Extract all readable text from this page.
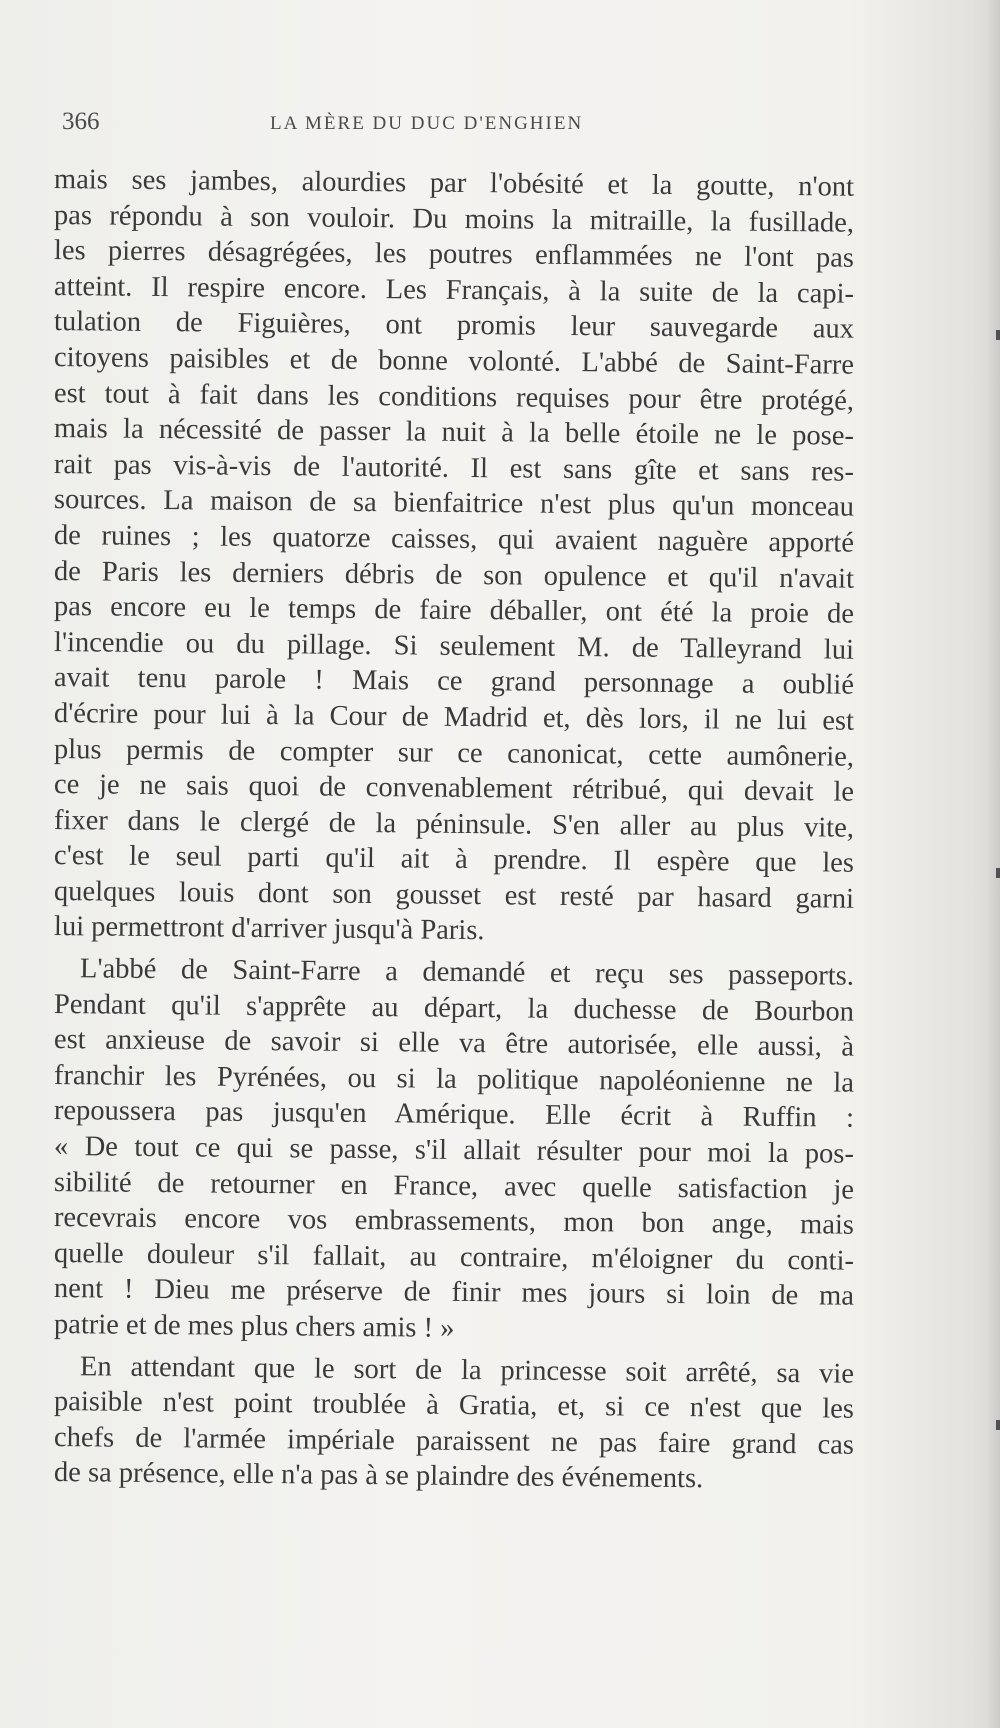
366	LA MÈRE DU DUC D'ENGHIEN
mais ses jambes, alourdies par l'obésité et la goutte, n'ont
pas répondu à son vouloir. Du moins la mitraille, la fusillade,
les pierres désagrégées, les poutres enflammées ne l'ont pas
atteint. Il respire encore. Les Français, à la suite de la capi-
tulation de Figuières, ont promis leur sauvegarde aux
citoyens paisibles et de bonne volonté. L'abbé de Saint-Farre
est tout à fait dans les conditions requises pour être protégé,
mais la nécessité de passer la nuit à la belle étoile ne le pose-
rait pas vis-à-vis de l'autorité. Il est sans gîte et sans res-
sources. La maison de sa bienfaitrice n'est plus qu'un monceau
de ruines ; les quatorze caisses, qui avaient naguère apporté
de Paris les derniers débris de son opulence et qu'il n'avait
pas encore eu le temps de faire déballer, ont été la proie de
l'incendie ou du pillage. Si seulement M. de Talleyrand lui
avait tenu parole ! Mais ce grand personnage a oublié
d'écrire pour lui à la Cour de Madrid et, dès lors, il ne lui est
plus permis de compter sur ce canonicat, cette aumônerie,
ce je ne sais quoi de convenablement rétribué, qui devait le
fixer dans le clergé de la péninsule. S'en aller au plus vite,
c'est le seul parti qu'il ait à prendre. Il espère que les
quelques louis dont son gousset est resté par hasard garni
lui permettront d'arriver jusqu'à Paris.
L'abbé de Saint-Farre a demandé et reçu ses passeports.
Pendant qu'il s'apprête au départ, la duchesse de Bourbon
est anxieuse de savoir si elle va être autorisée, elle aussi, à
franchir les Pyrénées, ou si la politique napoléonienne ne la
repoussera pas jusqu'en Amérique. Elle écrit à Ruffin :
« De tout ce qui se passe, s'il allait résulter pour moi la pos-
sibilité de retourner en France, avec quelle satisfaction je
recevrais encore vos embrassements, mon bon ange, mais
quelle douleur s'il fallait, au contraire, m'éloigner du conti-
nent ! Dieu me préserve de finir mes jours si loin de ma
patrie et de mes plus chers amis ! »
En attendant que le sort de la princesse soit arrêté, sa vie
paisible n'est point troublée à Gratia, et, si ce n'est que les
chefs de l'armée impériale paraissent ne pas faire grand cas
de sa présence, elle n'a pas à se plaindre des événements.
